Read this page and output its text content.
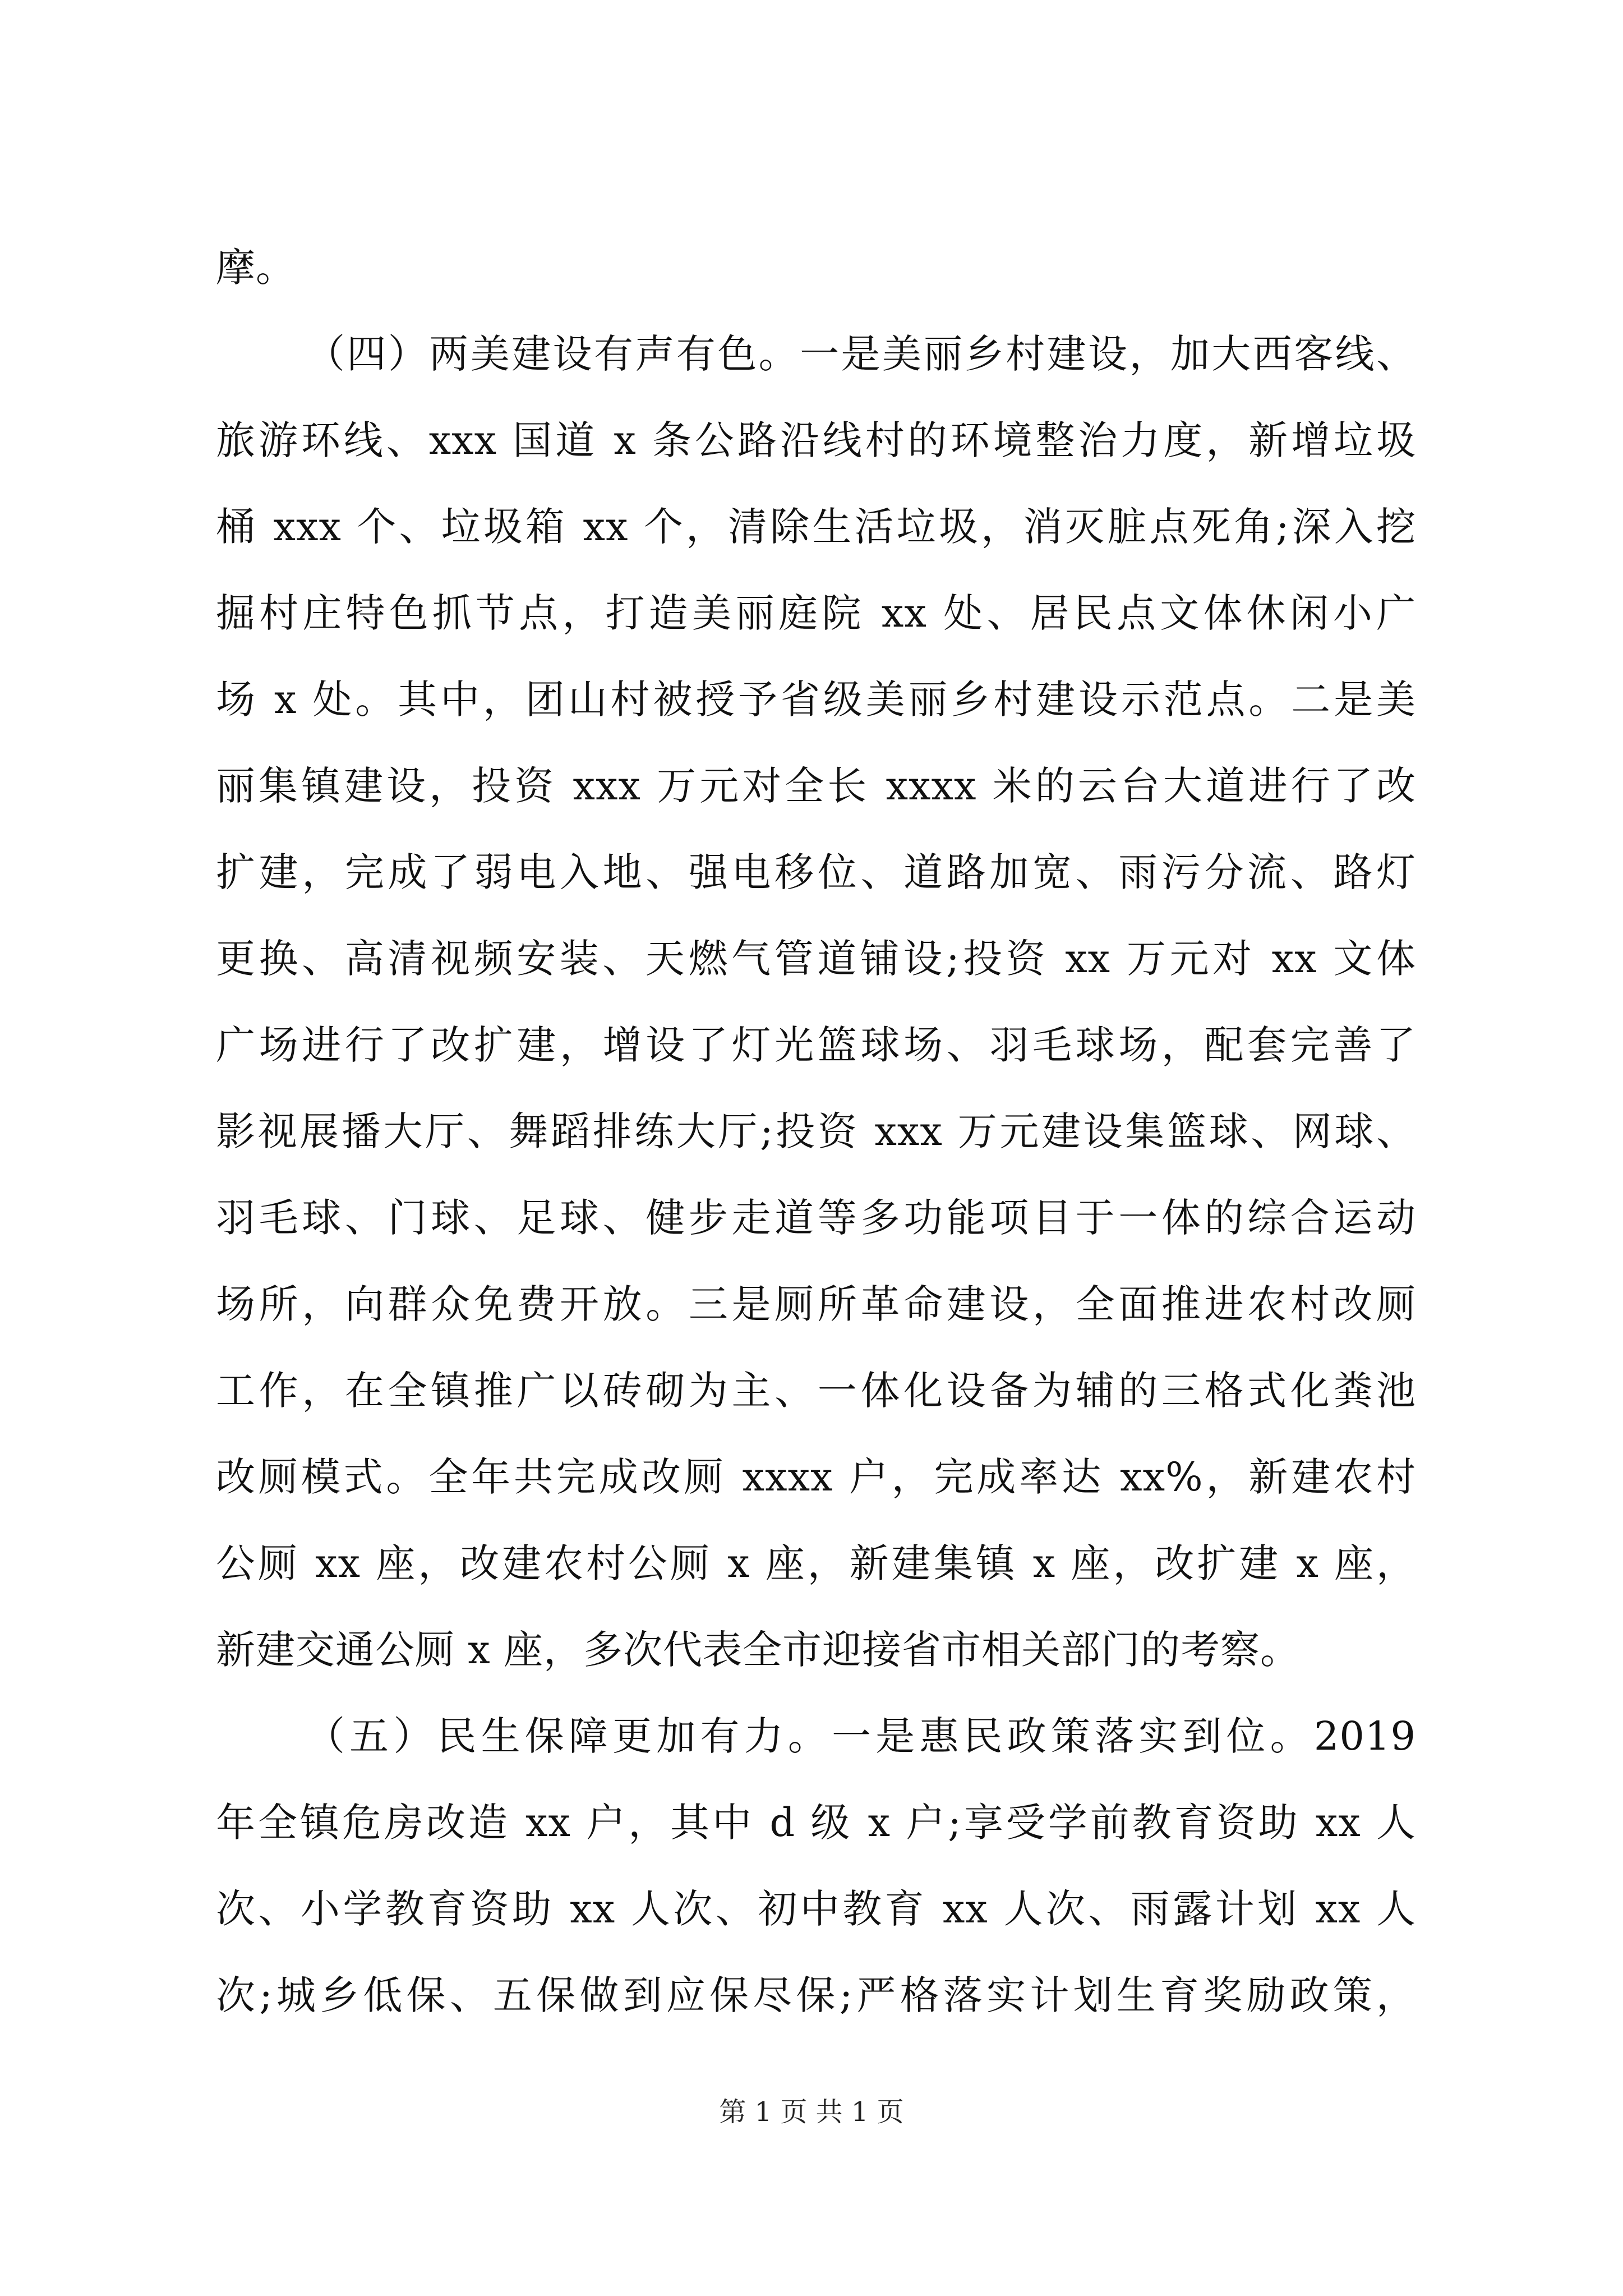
摩。
（四）两美建设有声有色。一是美丽乡村建设，加大西客线、
旅游环线、xxx 国道 x 条公路沿线村的环境整治力度，新增垃圾
桶 xxx 个、垃圾箱 xx 个，清除生活垃圾，消灭脏点死角;深入挖
掘村庄特色抓节点，打造美丽庭院 xx 处、居民点文体休闲小广
场 x 处。其中，团山村被授予省级美丽乡村建设示范点。二是美
丽集镇建设，投资 xxx 万元对全长 xxxx 米的云台大道进行了改
扩建，完成了弱电入地、强电移位、道路加宽、雨污分流、路灯
更换、高清视频安装、天燃气管道铺设;投资 xx 万元对 xx 文体
广场进行了改扩建，增设了灯光篮球场、羽毛球场，配套完善了
影视展播大厅、舞蹈排练大厅;投资 xxx 万元建设集篮球、网球、
羽毛球、门球、足球、健步走道等多功能项目于一体的综合运动
场所，向群众免费开放。三是厕所革命建设，全面推进农村改厕
工作，在全镇推广以砖砌为主、一体化设备为辅的三格式化粪池
改厕模式。全年共完成改厕 xxxx 户，完成率达 xx%，新建农村
公厕 xx 座，改建农村公厕 x 座，新建集镇 x 座，改扩建 x 座，
新建交通公厕 x 座，多次代表全市迎接省市相关部门的考察。
（五）民生保障更加有力。一是惠民政策落实到位。2019
年全镇危房改造 xx 户，其中 d 级 x 户;享受学前教育资助 xx 人
次、小学教育资助 xx 人次、初中教育 xx 人次、雨露计划 xx 人
次;城乡低保、五保做到应保尽保;严格落实计划生育奖励政策，
第 1 页 共 1 页
